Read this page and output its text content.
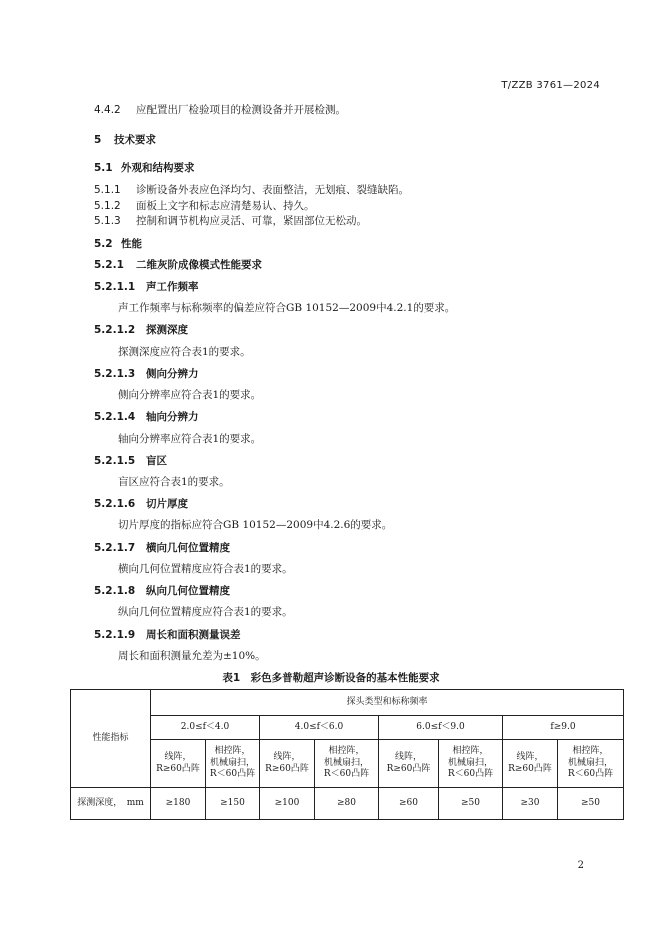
T/ZZB 3761—2024
4.4.2 应配置出厂检验项目的检测设备并开展检测。
5 技术要求
5.1 外观和结构要求
5.1.1 诊断设备外表应色泽均匀、表面整洁，无划痕、裂缝缺陷。
5.1.2 面板上文字和标志应清楚易认、持久。
5.1.3 控制和调节机构应灵活、可靠，紧固部位无松动。
5.2 性能
5.2.1 二维灰阶成像模式性能要求
5.2.1.1 声工作频率
声工作频率与标称频率的偏差应符合GB 10152—2009中4.2.1的要求。
5.2.1.2 探测深度
探测深度应符合表1的要求。
5.2.1.3 侧向分辨力
侧向分辨率应符合表1的要求。
5.2.1.4 轴向分辨力
轴向分辨率应符合表1的要求。
5.2.1.5 盲区
盲区应符合表1的要求。
5.2.1.6 切片厚度
切片厚度的指标应符合GB 10152—2009中4.2.6的要求。
5.2.1.7 横向几何位置精度
横向几何位置精度应符合表1的要求。
5.2.1.8 纵向几何位置精度
纵向几何位置精度应符合表1的要求。
5.2.1.9 周长和面积测量误差
周长和面积测量允差为±10%。
表1　彩色多普勒超声诊断设备的基本性能要求
性能指标	探头类型和标称频率							
	2.0≤f＜4.0		4.0≤f＜6.0		6.0≤f＜9.0		f≥9.0	
	线阵，
R≥60凸阵	相控阵，
机械扇扫，
R＜60凸阵	线阵，
R≥60凸阵	相控阵，
机械扇扫，
R＜60凸阵	线阵，
R≥60凸阵	相控阵，
机械扇扫，
R＜60凸阵	线阵，
R≥60凸阵	相控阵，
机械扇扫，
R＜60凸阵
探测深度，　mm	≥180	≥150	≥100	≥80	≥60	≥50	≥30	≥50
2
